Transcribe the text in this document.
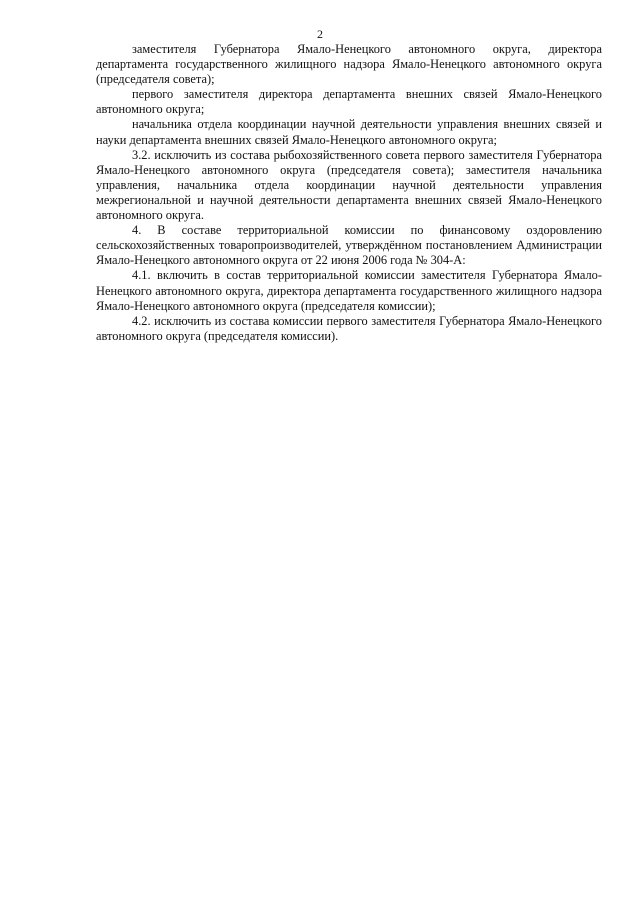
2

заместителя Губернатора Ямало-Ненецкого автономного округа, директора департамента государственного жилищного надзора Ямало-Ненецкого автономного округа (председателя совета);

первого заместителя директора департамента внешних связей Ямало-Ненецкого автономного округа;

начальника отдела координации научной деятельности управления внешних связей и науки департамента внешних связей Ямало-Ненецкого автономного округа;

3.2. исключить из состава рыбохозяйственного совета первого заместителя Губернатора Ямало-Ненецкого автономного округа (председателя совета); заместителя начальника управления, начальника отдела координации научной деятельности управления межрегиональной и научной деятельности департамента внешних связей Ямало-Ненецкого автономного округа.

4. В составе территориальной комиссии по финансовому оздоровлению сельскохозяйственных товаропроизводителей, утверждённом постановлением Администрации Ямало-Ненецкого автономного округа от 22 июня 2006 года № 304-А:

4.1. включить в состав территориальной комиссии заместителя Губернатора Ямало-Ненецкого автономного округа, директора департамента государственного жилищного надзора Ямало-Ненецкого автономного округа (председателя комиссии);

4.2. исключить из состава комиссии первого заместителя Губернатора Ямало-Ненецкого автономного округа (председателя комиссии).
